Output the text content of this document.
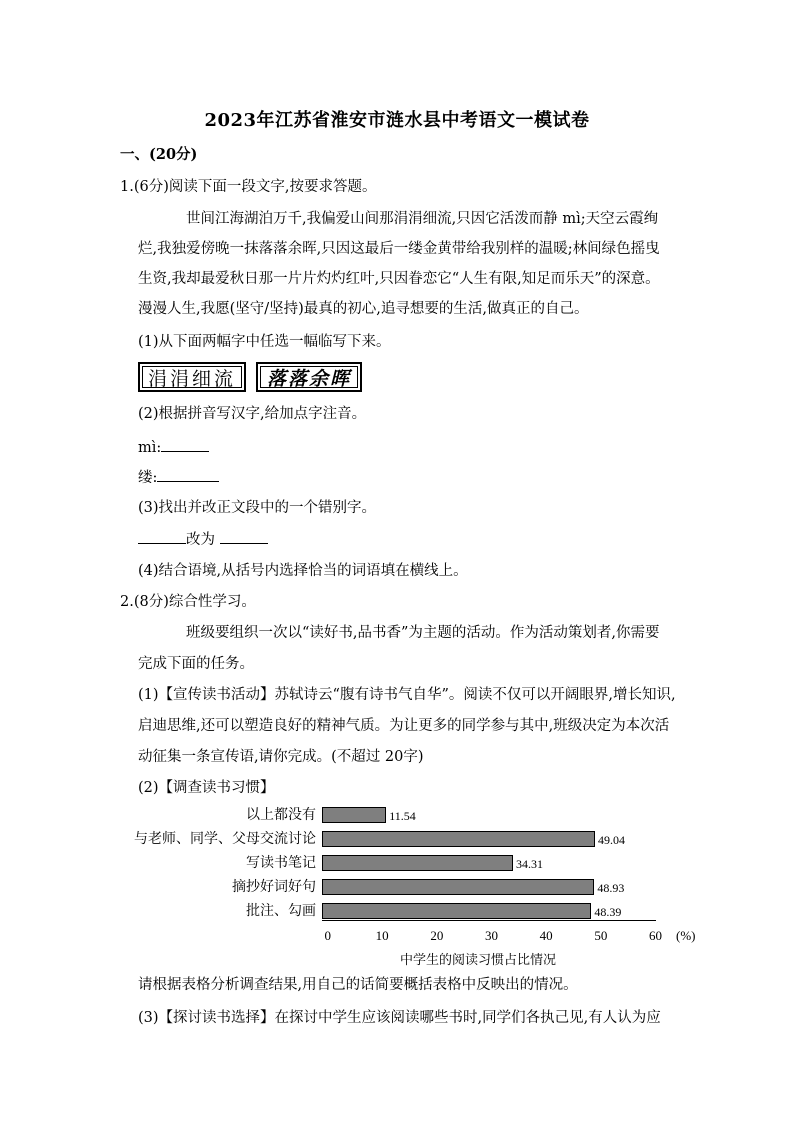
2023年江苏省淮安市涟水县中考语文一模试卷
一、(20分)
1.(6分)阅读下面一段文字,按要求答题。
世间江海湖泊万千,我偏爱山间那涓涓细流,只因它活泼而静 mì;天空云霞绚
烂,我独爱傍晚一抹落落余晖,只因这最后一缕金黄带给我别样的温暖;林间绿色摇曳
生资,我却最爱秋日那一片片灼灼红叶,只因眷恋它“人生有限,知足而乐天”的深意。
漫漫人生,我愿(坚守/坚持)最真的初心,追寻想要的生活,做真正的自己。
(1)从下面两幅字中任选一幅临写下来。
涓涓细流 落落余晖
(2)根据拼音写汉字,给加点字注音。
mì:
缕:
(3)找出并改正文段中的一个错别字。
改为
(4)结合语境,从括号内选择恰当的词语填在横线上。
2.(8分)综合性学习。
班级要组织一次以“读好书,品书香”为主题的活动。作为活动策划者,你需要
完成下面的任务。
(1)【宣传读书活动】苏轼诗云“腹有诗书气自华”。阅读不仅可以开阔眼界,增长知识,
启迪思维,还可以塑造良好的精神气质。为让更多的同学参与其中,班级决定为本次活
动征集一条宣传语,请你完成。(不超过 20字)
(2)【调查读书习惯】
以上都没有	11.54
与老师、同学、父母交流讨论	49.04
写读书笔记	34.31
摘抄好词好句	48.93
批注、勾画	48.39
0	10	20	30	40	50	60 (%)
中学生的阅读习惯占比情况
请根据表格分析调查结果,用自己的话简要概括表格中反映出的情况。
(3)【探讨读书选择】在探讨中学生应该阅读哪些书时,同学们各执己见,有人认为应
